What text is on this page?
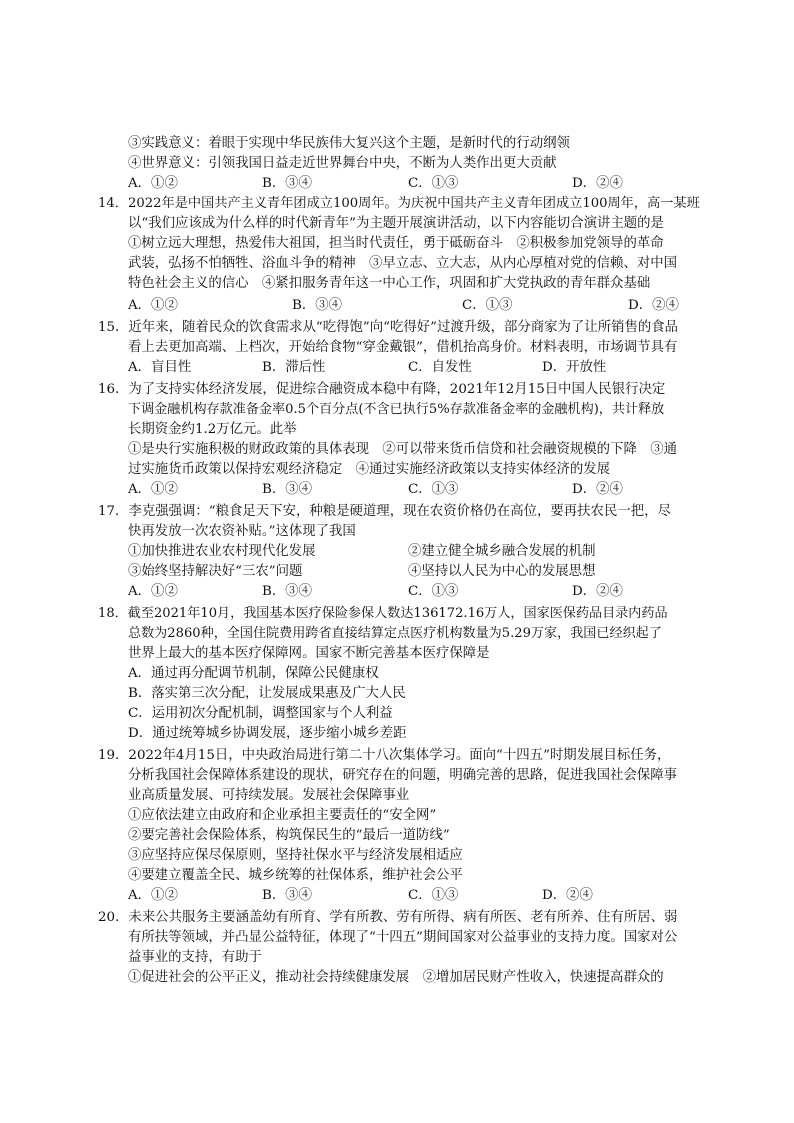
③实践意义：着眼于实现中华民族伟大复兴这个主题，是新时代的行动纲领
④世界意义：引领我国日益走近世界舞台中央，不断为人类作出更大贡献
A．①②	B．③④	C．①③	D．②④
14．2022年是中国共产主义青年团成立100周年。为庆祝中国共产主义青年团成立100周年，高一某班
以“我们应该成为什么样的时代新青年”为主题开展演讲活动，以下内容能切合演讲主题的是
①树立远大理想，热爱伟大祖国，担当时代责任，勇于砥砺奋斗　②积极参加党领导的革命
武装，弘扬不怕牺牲、浴血斗争的精神　③早立志、立大志，从内心厚植对党的信赖、对中国
特色社会主义的信心　④紧扣服务青年这一中心工作，巩固和扩大党执政的青年群众基础
A．①②	B．③④	C．①③	D．②④
15．近年来，随着民众的饮食需求从“吃得饱”向“吃得好”过渡升级，部分商家为了让所销售的食品
看上去更加高端、上档次，开始给食物“穿金戴银”，借机抬高身价。材料表明，市场调节具有
A．盲目性	B．滞后性	C．自发性	D．开放性
16．为了支持实体经济发展，促进综合融资成本稳中有降，2021年12月15日中国人民银行决定
下调金融机构存款准备金率0.5个百分点(不含已执行5%存款准备金率的金融机构)，共计释放
长期资金约1.2万亿元。此举
①是央行实施积极的财政政策的具体表现　②可以带来货币信贷和社会融资规模的下降　③通
过实施货币政策以保持宏观经济稳定　④通过实施经济政策以支持实体经济的发展
A．①②	B．③④	C．①③	D．②④
17．李克强强调：“粮食足天下安，种粮是硬道理，现在农资价格仍在高位，要再扶农民一把，尽
快再发放一次农资补贴。”这体现了我国
①加快推进农业农村现代化发展	②建立健全城乡融合发展的机制
③始终坚持解决好“三农”问题	④坚持以人民为中心的发展思想
A．①②	B．③④	C．①③	D．②④
18．截至2021年10月，我国基本医疗保险参保人数达136172.16万人，国家医保药品目录内药品
总数为2860种，全国住院费用跨省直接结算定点医疗机构数量为5.29万家，我国已经织起了
世界上最大的基本医疗保障网。国家不断完善基本医疗保障是
A．通过再分配调节机制，保障公民健康权
B．落实第三次分配，让发展成果惠及广大人民
C．运用初次分配机制，调整国家与个人利益
D．通过统筹城乡协调发展，逐步缩小城乡差距
19．2022年4月15日，中央政治局进行第二十八次集体学习。面向“十四五”时期发展目标任务，
分析我国社会保障体系建设的现状，研究存在的问题，明确完善的思路，促进我国社会保障事
业高质量发展、可持续发展。发展社会保障事业
①应依法建立由政府和企业承担主要责任的“安全网”
②要完善社会保险体系，构筑保民生的“最后一道防线”
③应坚持应保尽保原则，坚持社保水平与经济发展相适应
④要建立覆盖全民、城乡统筹的社保体系，维护社会公平
A．①②	B．③④	C．①③	D．②④
20．未来公共服务主要涵盖幼有所育、学有所教、劳有所得、病有所医、老有所养、住有所居、弱
有所扶等领域，并凸显公益特征，体现了“十四五”期间国家对公益事业的支持力度。国家对公
益事业的支持，有助于
①促进社会的公平正义，推动社会持续健康发展　②增加居民财产性收入，快速提高群众的
